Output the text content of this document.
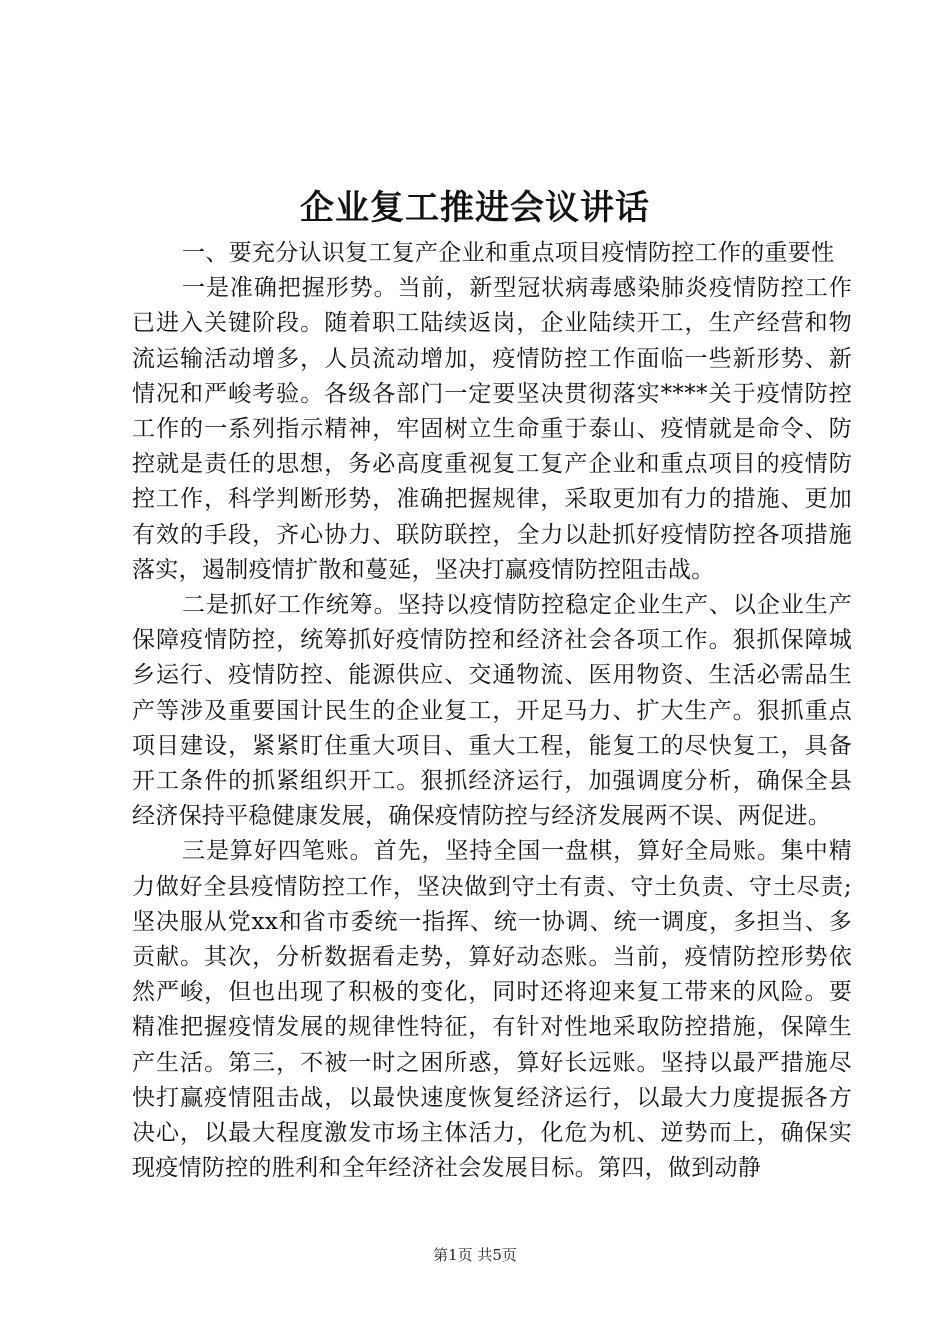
企业复工推进会议讲话

一、要充分认识复工复产企业和重点项目疫情防控工作的重要性

一是准确把握形势。当前，新型冠状病毒感染肺炎疫情防控工作已进入关键阶段。随着职工陆续返岗，企业陆续开工，生产经营和物流运输活动增多，人员流动增加，疫情防控工作面临一些新形势、新情况和严峻考验。各级各部门一定要坚决贯彻落实****关于疫情防控工作的一系列指示精神，牢固树立生命重于泰山、疫情就是命令、防控就是责任的思想，务必高度重视复工复产企业和重点项目的疫情防控工作，科学判断形势，准确把握规律，采取更加有力的措施、更加有效的手段，齐心协力、联防联控，全力以赴抓好疫情防控各项措施落实，遏制疫情扩散和蔓延，坚决打赢疫情防控阻击战。

二是抓好工作统筹。坚持以疫情防控稳定企业生产、以企业生产保障疫情防控，统筹抓好疫情防控和经济社会各项工作。狠抓保障城乡运行、疫情防控、能源供应、交通物流、医用物资、生活必需品生产等涉及重要国计民生的企业复工，开足马力、扩大生产。狠抓重点项目建设，紧紧盯住重大项目、重大工程，能复工的尽快复工，具备开工条件的抓紧组织开工。狠抓经济运行，加强调度分析，确保全县经济保持平稳健康发展，确保疫情防控与经济发展两不误、两促进。

三是算好四笔账。首先，坚持全国一盘棋，算好全局账。集中精力做好全县疫情防控工作，坚决做到守土有责、守土负责、守土尽责;坚决服从党xx和省市委统一指挥、统一协调、统一调度，多担当、多贡献。其次，分析数据看走势，算好动态账。当前，疫情防控形势依然严峻，但也出现了积极的变化，同时还将迎来复工带来的风险。要精准把握疫情发展的规律性特征，有针对性地采取防控措施，保障生产生活。第三，不被一时之困所惑，算好长远账。坚持以最严措施尽快打赢疫情阻击战，以最快速度恢复经济运行，以最大力度提振各方决心，以最大程度激发市场主体活力，化危为机、逆势而上，确保实现疫情防控的胜利和全年经济社会发展目标。第四，做到动静

第1页 共5页
